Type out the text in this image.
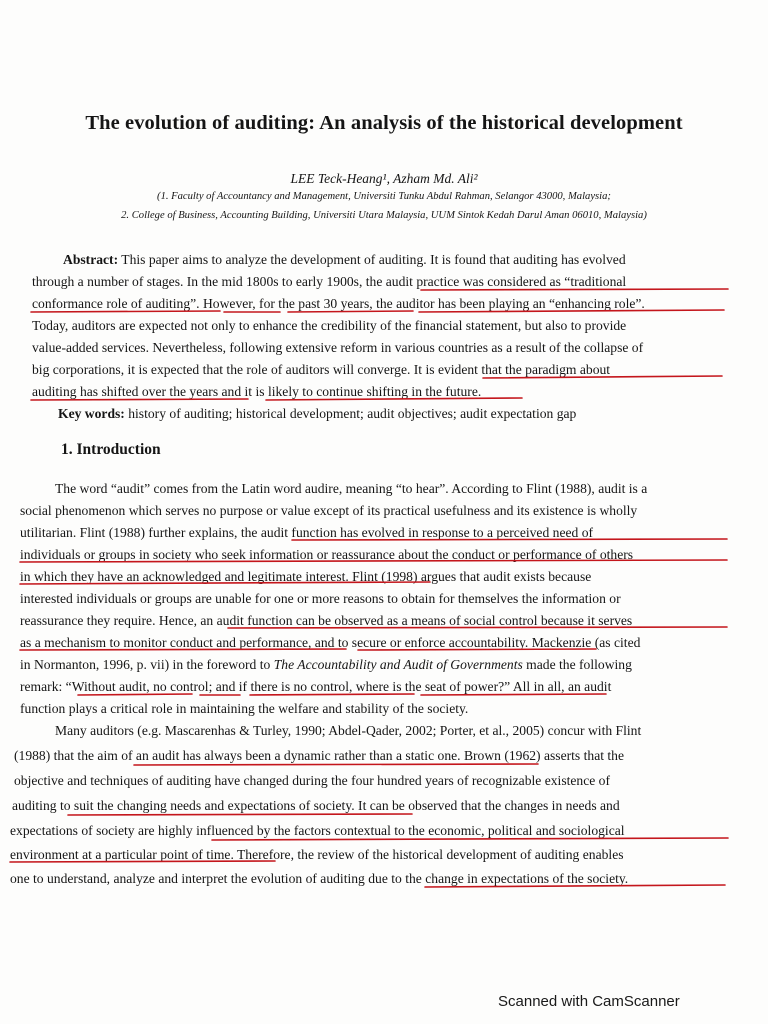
The evolution of auditing: An analysis of the historical development
LEE Teck-Heang¹, Azham Md. Ali²
(1. Faculty of Accountancy and Management, Universiti Tunku Abdul Rahman, Selangor 43000, Malaysia;
2. College of Business, Accounting Building, Universiti Utara Malaysia, UUM Sintok Kedah Darul Aman 06010, Malaysia)
Abstract: This paper aims to analyze the development of auditing. It is found that auditing has evolved
through a number of stages. In the mid 1800s to early 1900s, the audit practice was considered as “traditional
conformance role of auditing”. However, for the past 30 years, the auditor has been playing an “enhancing role”.
Today, auditors are expected not only to enhance the credibility of the financial statement, but also to provide
value-added services. Nevertheless, following extensive reform in various countries as a result of the collapse of
big corporations, it is expected that the role of auditors will converge. It is evident that the paradigm about
auditing has shifted over the years and it is likely to continue shifting in the future.
Key words: history of auditing; historical development; audit objectives; audit expectation gap
1. Introduction
The word “audit” comes from the Latin word audire, meaning “to hear”. According to Flint (1988), audit is a
social phenomenon which serves no purpose or value except of its practical usefulness and its existence is wholly
utilitarian. Flint (1988) further explains, the audit function has evolved in response to a perceived need of
individuals or groups in society who seek information or reassurance about the conduct or performance of others
in which they have an acknowledged and legitimate interest. Flint (1998) argues that audit exists because
interested individuals or groups are unable for one or more reasons to obtain for themselves the information or
reassurance they require. Hence, an audit function can be observed as a means of social control because it serves
as a mechanism to monitor conduct and performance, and to secure or enforce accountability. Mackenzie (as cited
in Normanton, 1996, p. vii) in the foreword to The Accountability and Audit of Governments made the following
remark: “Without audit, no control; and if there is no control, where is the seat of power?” All in all, an audit
function plays a critical role in maintaining the welfare and stability of the society.
Many auditors (e.g. Mascarenhas & Turley, 1990; Abdel-Qader, 2002; Porter, et al., 2005) concur with Flint
(1988) that the aim of an audit has always been a dynamic rather than a static one. Brown (1962) asserts that the
objective and techniques of auditing have changed during the four hundred years of recognizable existence of
auditing to suit the changing needs and expectations of society. It can be observed that the changes in needs and
expectations of society are highly influenced by the factors contextual to the economic, political and sociological
environment at a particular point of time. Therefore, the review of the historical development of auditing enables
one to understand, analyze and interpret the evolution of auditing due to the change in expectations of the society.
Scanned with CamScanner
